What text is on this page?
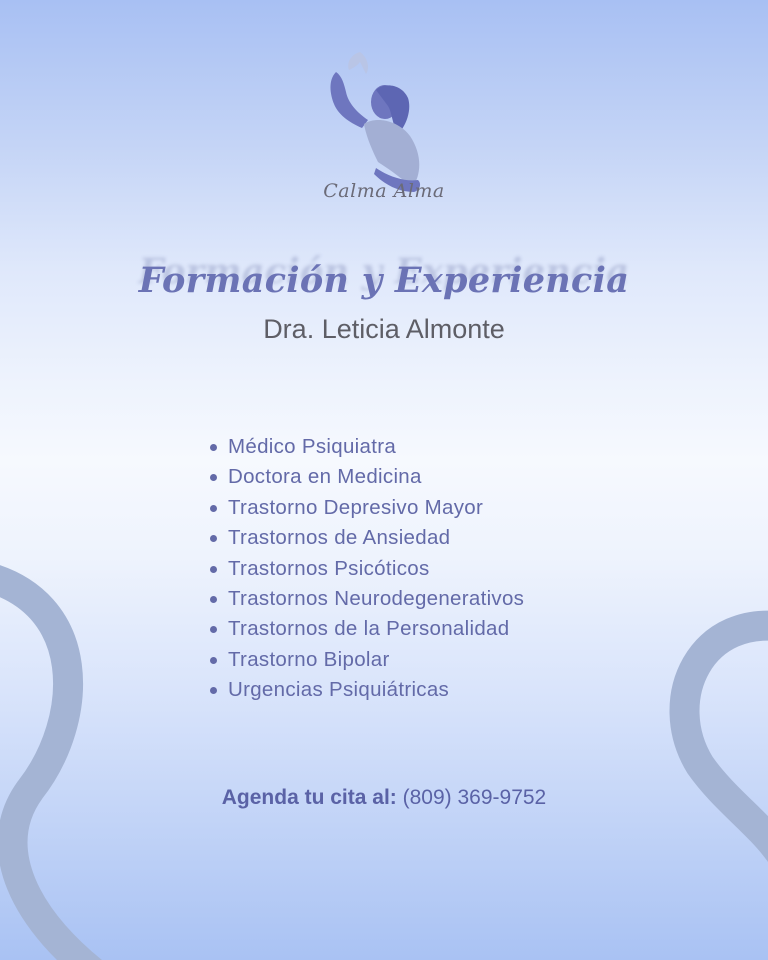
Calma Alma
Formación y Experiencia
Dra. Leticia Almonte
Médico Psiquiatra
Doctora en Medicina
Trastorno Depresivo Mayor
Trastornos de Ansiedad
Trastornos Psicóticos
Trastornos Neurodegenerativos
Trastornos de la Personalidad
Trastorno Bipolar
Urgencias Psiquiátricas
Agenda tu cita al: (809) 369-9752
